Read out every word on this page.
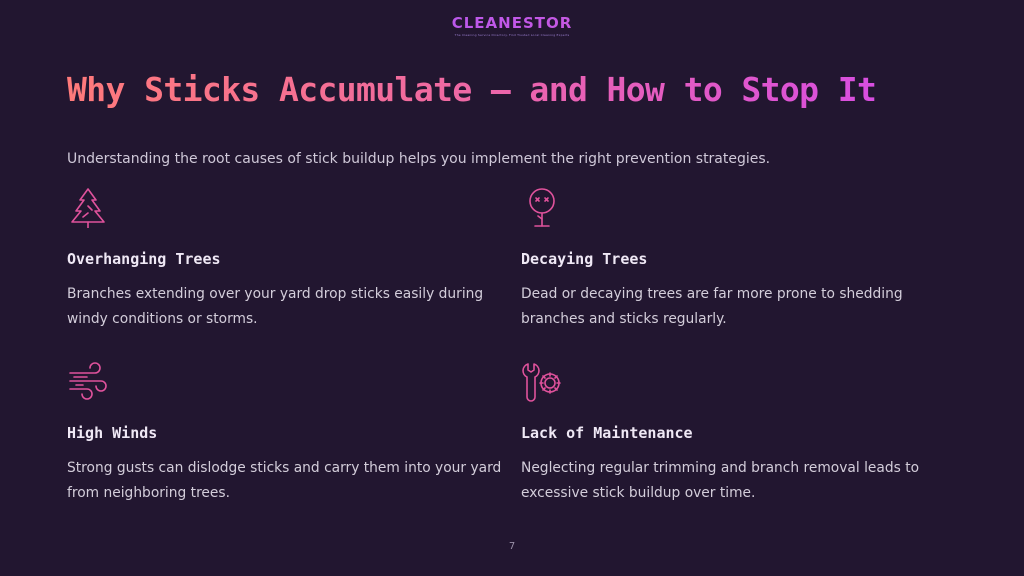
CLEANESTOR
The Cleaning Service Directory. Find Trusted Local Cleaning Experts
Why Sticks Accumulate – and How to Stop It
Understanding the root causes of stick buildup helps you implement the right prevention strategies.
Overhanging Trees

Branches extending over your yard drop sticks easily during windy conditions or storms.

Decaying Trees

Dead or decaying trees are far more prone to shedding branches and sticks regularly.

High Winds

Strong gusts can dislodge sticks and carry them into your yard from neighboring trees.

Lack of Maintenance

Neglecting regular trimming and branch removal leads to excessive stick buildup over time.

7
